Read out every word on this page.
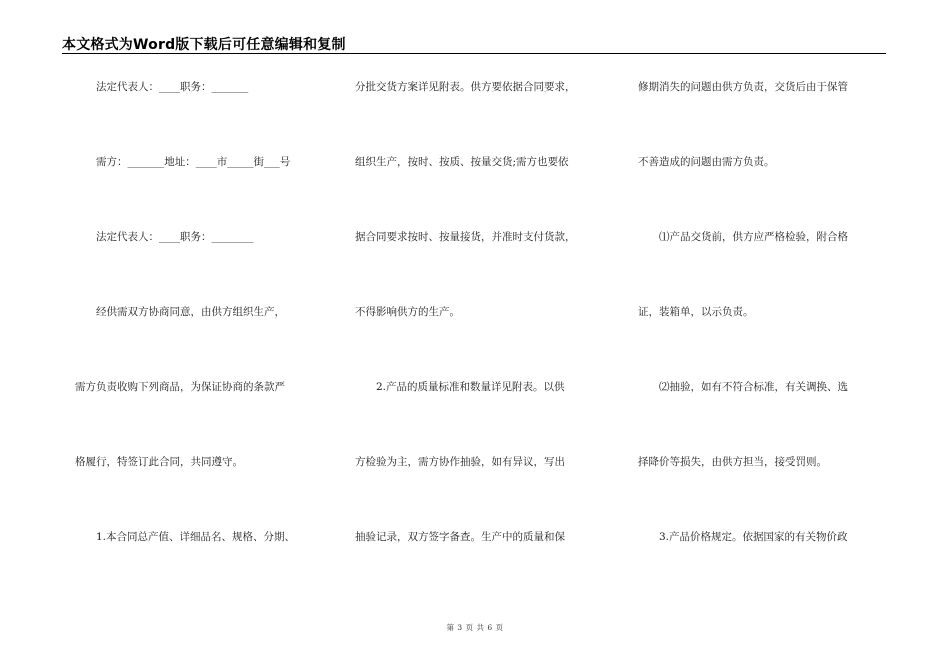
本文格式为Word版下载后可任意编辑和复制
　　法定代表人：____职务：_______
　　需方：_______地址：____市_____街___号
　　法定代表人：____职务：________
　　经供需双方协商同意，由供方组织生产，
需方负责收购下列商品，为保证协商的条款严
格履行，特签订此合同，共同遵守。
　　1.本合同总产值、详细品名、规格、分期、
分批交货方案详见附表。供方要依据合同要求，
组织生产，按时、按质、按量交货;需方也要依
据合同要求按时、按量接货，并准时支付货款，
不得影响供方的生产。
　　2.产品的质量标准和数量详见附表。以供
方检验为主，需方协作抽验，如有异议，写出
抽验记录，双方签字备查。生产中的质量和保
修期消失的问题由供方负责，交货后由于保管
不善造成的问题由需方负责。
　　⑴产品交货前，供方应严格检验，附合格
证，装箱单，以示负责。
　　⑵抽验，如有不符合标准，有关调换、选
择降价等损失，由供方担当，接受罚则。
　　3.产品价格规定。依据国家的有关物价政
第 3 页 共 6 页
